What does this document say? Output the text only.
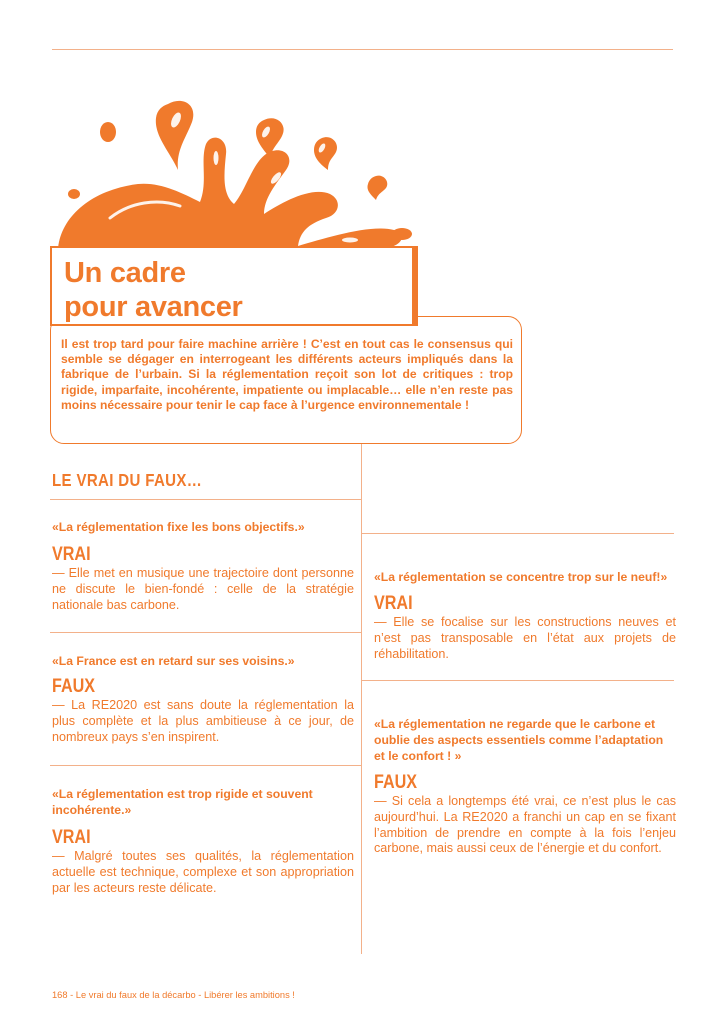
Il est trop tard pour faire machine arrière ! C’est en tout cas le consensus qui semble se dégager en interrogeant les différents acteurs impliqués dans la fabrique de l’urbain. Si la réglementation reçoit son lot de critiques : trop rigide, imparfaite, incohérente, impatiente ou implacable… elle n’en reste pas moins nécessaire pour tenir le cap face à l’urgence environnementale !
Un cadre
pour avancer
LE VRAI DU FAUX…
«La réglementation fixe les bons objectifs.»
VRAI
— Elle met en musique une trajectoire dont personne ne discute le bien-fondé : celle de la stratégie nationale bas carbone.
«La France est en retard sur ses voisins.»
FAUX
— La RE2020 est sans doute la réglementation la plus complète et la plus ambitieuse à ce jour, de nombreux pays s’en inspirent.
«La réglementation est trop rigide et souvent incohérente.»
VRAI
— Malgré toutes ses qualités, la réglementation actuelle est technique, complexe et son appropriation par les acteurs reste délicate.
«La réglementation se concentre trop sur le neuf!»
VRAI
— Elle se focalise sur les constructions neuves et n’est pas transposable en l’état aux projets de réhabilitation.
«La réglementation ne regarde que le carbone et oublie des aspects essentiels comme l’adaptation et le confort ! »
FAUX
— Si cela a longtemps été vrai, ce n’est plus le cas aujourd’hui. La RE2020 a franchi un cap en se fixant l’ambition de prendre en compte à la fois l’enjeu carbone, mais aussi ceux de l’énergie et du confort.
168 - Le vrai du faux de la décarbo - Libérer les ambitions !
